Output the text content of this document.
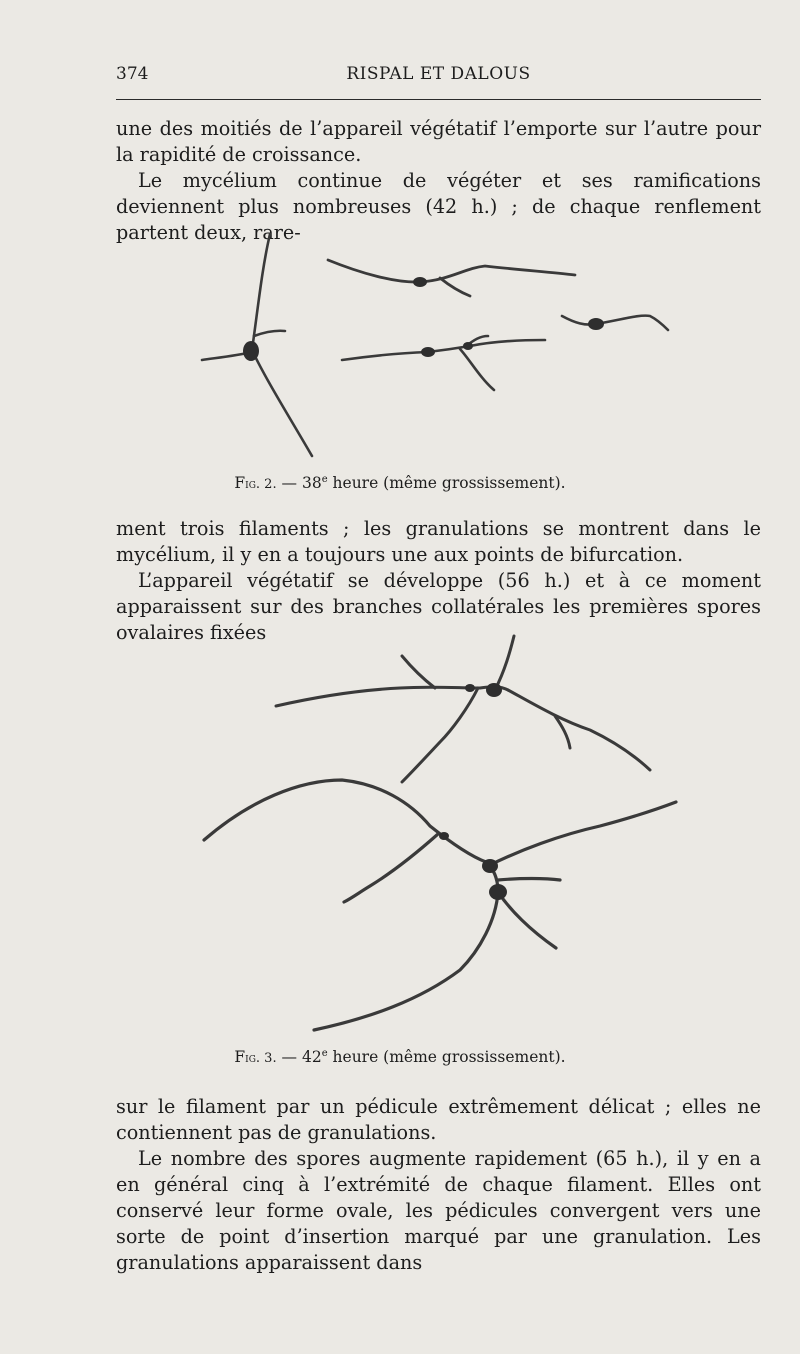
374	RISPAL ET DALOUS

une des moitiés de l’appareil végétatif l’emporte sur l’autre pour la rapidité de croissance.

Le mycélium continue de végéter et ses ramifications deviennent plus nombreuses (42 h.) ; de chaque renflement partent deux, rare-

Fig. 2. — 38e heure (même grossissement).

ment trois filaments ; les granulations se montrent dans le mycélium, il y en a toujours une aux points de bifurcation.

L’appareil végétatif se développe (56 h.) et à ce moment apparaissent sur des branches collatérales les premières spores ovalaires fixées

Fig. 3. — 42e heure (même grossissement).

sur le filament par un pédicule extrêmement délicat ; elles ne contiennent pas de granulations.

Le nombre des spores augmente rapidement (65 h.), il y en a en général cinq à l’extrémité de chaque filament. Elles ont conservé leur forme ovale, les pédicules convergent vers une sorte de point d’insertion marqué par une granulation. Les granulations apparaissent dans
